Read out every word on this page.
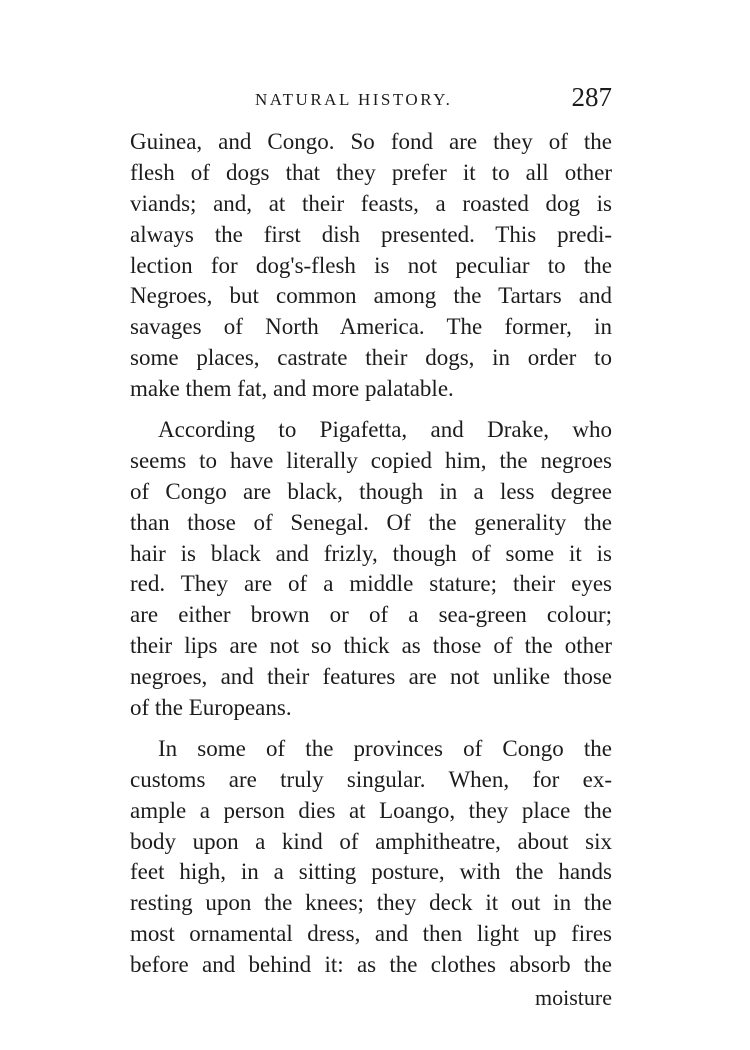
NATURAL HISTORY.	287
Guinea, and Congo. So fond are they of the
flesh of dogs that they prefer it to all other
viands; and, at their feasts, a roasted dog is
always the first dish presented. This predi-
lection for dog's-flesh is not peculiar to the
Negroes, but common among the Tartars and
savages of North America. The former, in
some places, castrate their dogs, in order to
make them fat, and more palatable.
According to Pigafetta, and Drake, who
seems to have literally copied him, the negroes
of Congo are black, though in a less degree
than those of Senegal. Of the generality the
hair is black and frizly, though of some it is
red. They are of a middle stature; their eyes
are either brown or of a sea-green colour;
their lips are not so thick as those of the other
negroes, and their features are not unlike those
of the Europeans.
In some of the provinces of Congo the
customs are truly singular. When, for ex-
ample a person dies at Loango, they place the
body upon a kind of amphitheatre, about six
feet high, in a sitting posture, with the hands
resting upon the knees; they deck it out in the
most ornamental dress, and then light up fires
before and behind it: as the clothes absorb the
moisture
